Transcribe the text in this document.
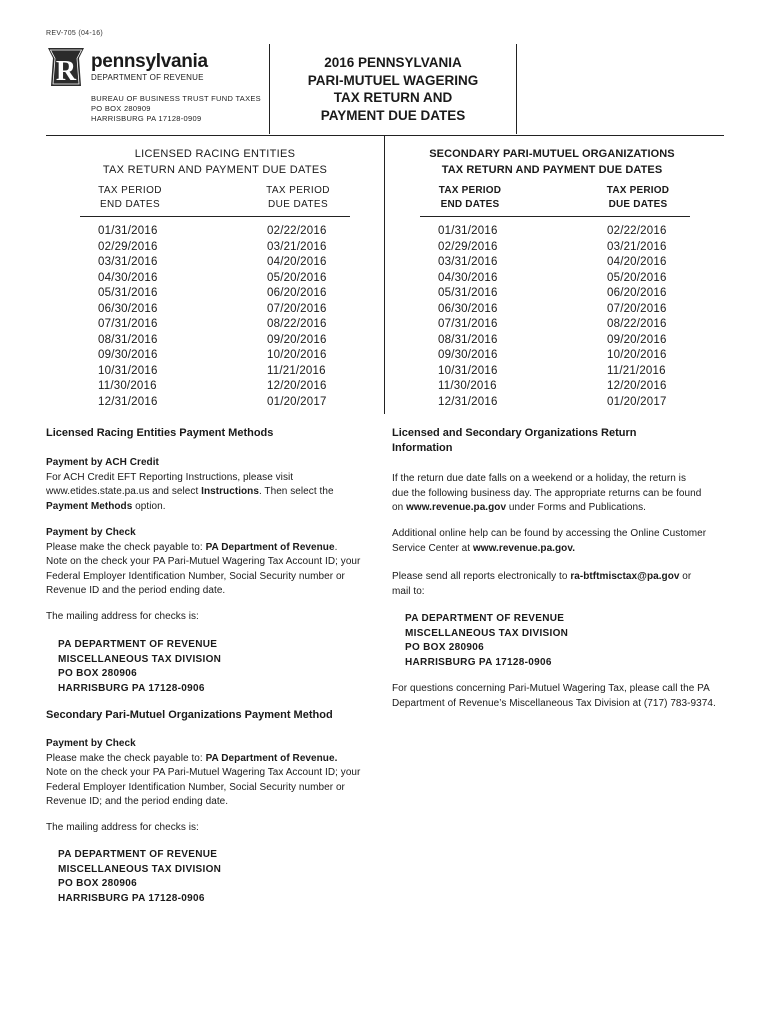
REV-705 (04-16)
R pennsylvania
DEPARTMENT OF REVENUE
BUREAU OF BUSINESS TRUST FUND TAXES
PO BOX 280909
HARRISBURG PA 17128-0909
2016 PENNSYLVANIA
PARI-MUTUEL WAGERING
TAX RETURN AND
PAYMENT DUE DATES
LICENSED RACING ENTITIES
TAX RETURN AND PAYMENT DUE DATES
TAX PERIOD
END DATES
TAX PERIOD
DUE DATES
01/31/2016
02/29/2016
03/31/2016
04/30/2016
05/31/2016
06/30/2016
07/31/2016
08/31/2016
09/30/2016
10/31/2016
11/30/2016
12/31/2016
02/22/2016
03/21/2016
04/20/2016
05/20/2016
06/20/2016
07/20/2016
08/22/2016
09/20/2016
10/20/2016
11/21/2016
12/20/2016
01/20/2017
SECONDARY PARI-MUTUEL ORGANIZATIONS
TAX RETURN AND PAYMENT DUE DATES
TAX PERIOD
END DATES
TAX PERIOD
DUE DATES
01/31/2016
02/29/2016
03/31/2016
04/30/2016
05/31/2016
06/30/2016
07/31/2016
08/31/2016
09/30/2016
10/31/2016
11/30/2016
12/31/2016
02/22/2016
03/21/2016
04/20/2016
05/20/2016
06/20/2016
07/20/2016
08/22/2016
09/20/2016
10/20/2016
11/21/2016
12/20/2016
01/20/2017
Licensed Racing Entities Payment Methods
Payment by ACH Credit
For ACH Credit EFT Reporting Instructions, please visit
www.etides.state.pa.us and select Instructions. Then select the
Payment Methods option.
Payment by Check
Please make the check payable to: PA Department of Revenue.
Note on the check your PA Pari-Mutuel Wagering Tax Account ID; your
Federal Employer Identification Number, Social Security number or
Revenue ID and the period ending date.
The mailing address for checks is:
PA DEPARTMENT OF REVENUE
MISCELLANEOUS TAX DIVISION
PO BOX 280906
HARRISBURG PA 17128-0906
Secondary Pari-Mutuel Organizations Payment Method
Payment by Check
Please make the check payable to: PA Department of Revenue.
Note on the check your PA Pari-Mutuel Wagering Tax Account ID; your
Federal Employer Identification Number, Social Security number or
Revenue ID; and the period ending date.
The mailing address for checks is:
PA DEPARTMENT OF REVENUE
MISCELLANEOUS TAX DIVISION
PO BOX 280906
HARRISBURG PA 17128-0906
Licensed and Secondary Organizations Return
Information
If the return due date falls on a weekend or a holiday, the return is
due the following business day. The appropriate returns can be found
on www.revenue.pa.gov under Forms and Publications.
Additional online help can be found by accessing the Online Customer
Service Center at www.revenue.pa.gov.
Please send all reports electronically to ra-btftmisctax@pa.gov or
mail to:
PA DEPARTMENT OF REVENUE
MISCELLANEOUS TAX DIVISION
PO BOX 280906
HARRISBURG PA 17128-0906
For questions concerning Pari-Mutuel Wagering Tax, please call the PA
Department of Revenue’s Miscellaneous Tax Division at (717) 783-9374.
